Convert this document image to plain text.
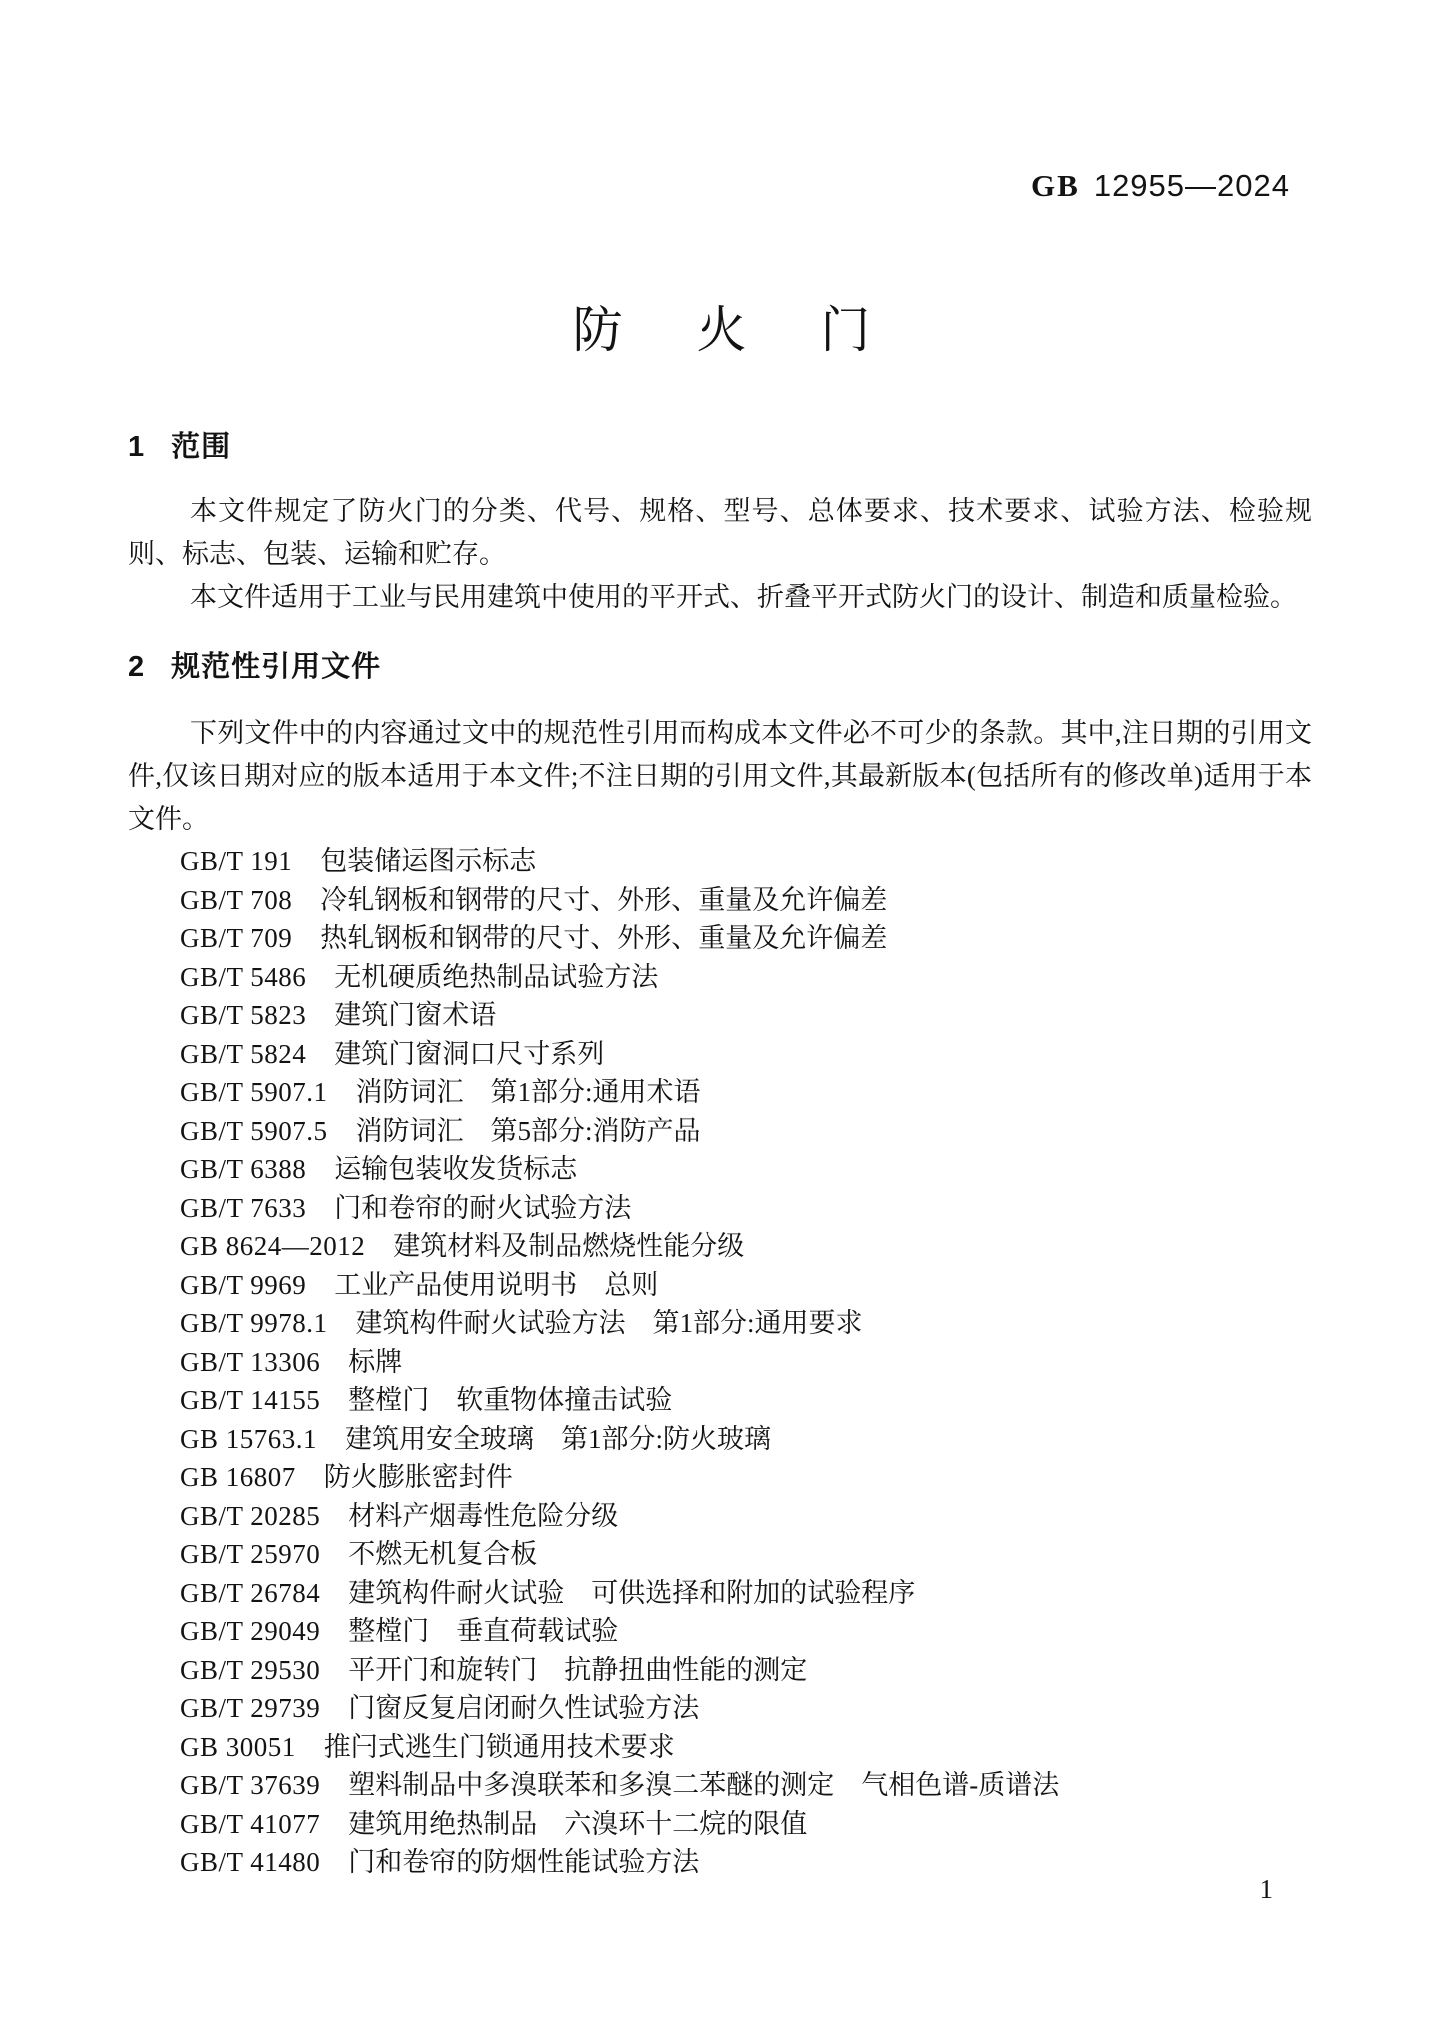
GB 12955—2024
防 火 门
1 范围

本文件规定了防火门的分类、代号、规格、型号、总体要求、技术要求、试验方法、检验规则、标志、包装、运输和贮存。

本文件适用于工业与民用建筑中使用的平开式、折叠平开式防火门的设计、制造和质量检验。

2 规范性引用文件

下列文件中的内容通过文中的规范性引用而构成本文件必不可少的条款。其中,注日期的引用文件,仅该日期对应的版本适用于本文件;不注日期的引用文件,其最新版本(包括所有的修改单)适用于本文件。

GB/T 191 包装储运图示标志
GB/T 708 冷轧钢板和钢带的尺寸、外形、重量及允许偏差
GB/T 709 热轧钢板和钢带的尺寸、外形、重量及允许偏差
GB/T 5486 无机硬质绝热制品试验方法
GB/T 5823 建筑门窗术语
GB/T 5824 建筑门窗洞口尺寸系列
GB/T 5907.1 消防词汇　第1部分:通用术语
GB/T 5907.5 消防词汇　第5部分:消防产品
GB/T 6388 运输包装收发货标志
GB/T 7633 门和卷帘的耐火试验方法
GB 8624—2012 建筑材料及制品燃烧性能分级
GB/T 9969 工业产品使用说明书　总则
GB/T 9978.1 建筑构件耐火试验方法　第1部分:通用要求
GB/T 13306 标牌
GB/T 14155 整樘门　软重物体撞击试验
GB 15763.1 建筑用安全玻璃　第1部分:防火玻璃
GB 16807 防火膨胀密封件
GB/T 20285 材料产烟毒性危险分级
GB/T 25970 不燃无机复合板
GB/T 26784 建筑构件耐火试验　可供选择和附加的试验程序
GB/T 29049 整樘门　垂直荷载试验
GB/T 29530 平开门和旋转门　抗静扭曲性能的测定
GB/T 29739 门窗反复启闭耐久性试验方法
GB 30051 推闩式逃生门锁通用技术要求
GB/T 37639 塑料制品中多溴联苯和多溴二苯醚的测定　气相色谱-质谱法
GB/T 41077 建筑用绝热制品　六溴环十二烷的限值
GB/T 41480 门和卷帘的防烟性能试验方法
1
